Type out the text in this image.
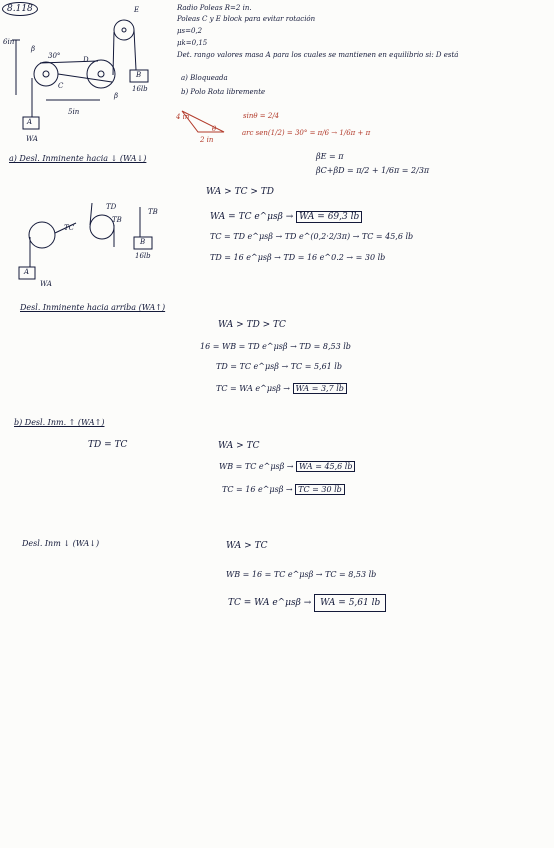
8.118	Radio Poleas R=2 in.
Poleas C y E block para evitar rotación
μs=0,2
μk=0,15
Det. rango valores masa A para los cuales se mantienen en equilibrio si: D está
a) Bloqueada
b) Polo Rota libremente
6in
30°
β
C
D
E
B
16lb
β
5in
A
WA
4 in
2 in
θ
sinθ = 2/4
arc sen(1/2) = 30° = π/6 → 1/6π + π
βE = π
βC+βD = π/2 + 1/6π = 2/3π
a) Desl. Inminente hacia ↓ (WA↓)
WA > TC > TD
WA = TC e^μsβ → WA = 69,3 lb
TC = TD e^μsβ → TD e^(0,2·2/3π) → TC = 45,6 lb
TD = 16 e^μsβ → TD = 16 e^0.2 → = 30 lb
TD
TC
TB
TB
B
16lb
A
WA
Desl. Inminente hacia arriba (WA↑)
WA > TD > TC
16 = WB = TD e^μsβ → TD = 8,53 lb
TD = TC e^μsβ → TC = 5,61 lb
TC = WA e^μsβ → WA = 3,7 lb
b) Desl. Inm. ↑ (WA↑)
TD = TC	WA > TC
WB = TC e^μsβ → WA = 45,6 lb
TC = 16 e^μsβ → TC = 30 lb
Desl. Inm ↓ (WA↓)	WA > TC
WB = 16 = TC e^μsβ → TC = 8,53 lb
TC = WA e^μsβ → WA = 5,61 lb
